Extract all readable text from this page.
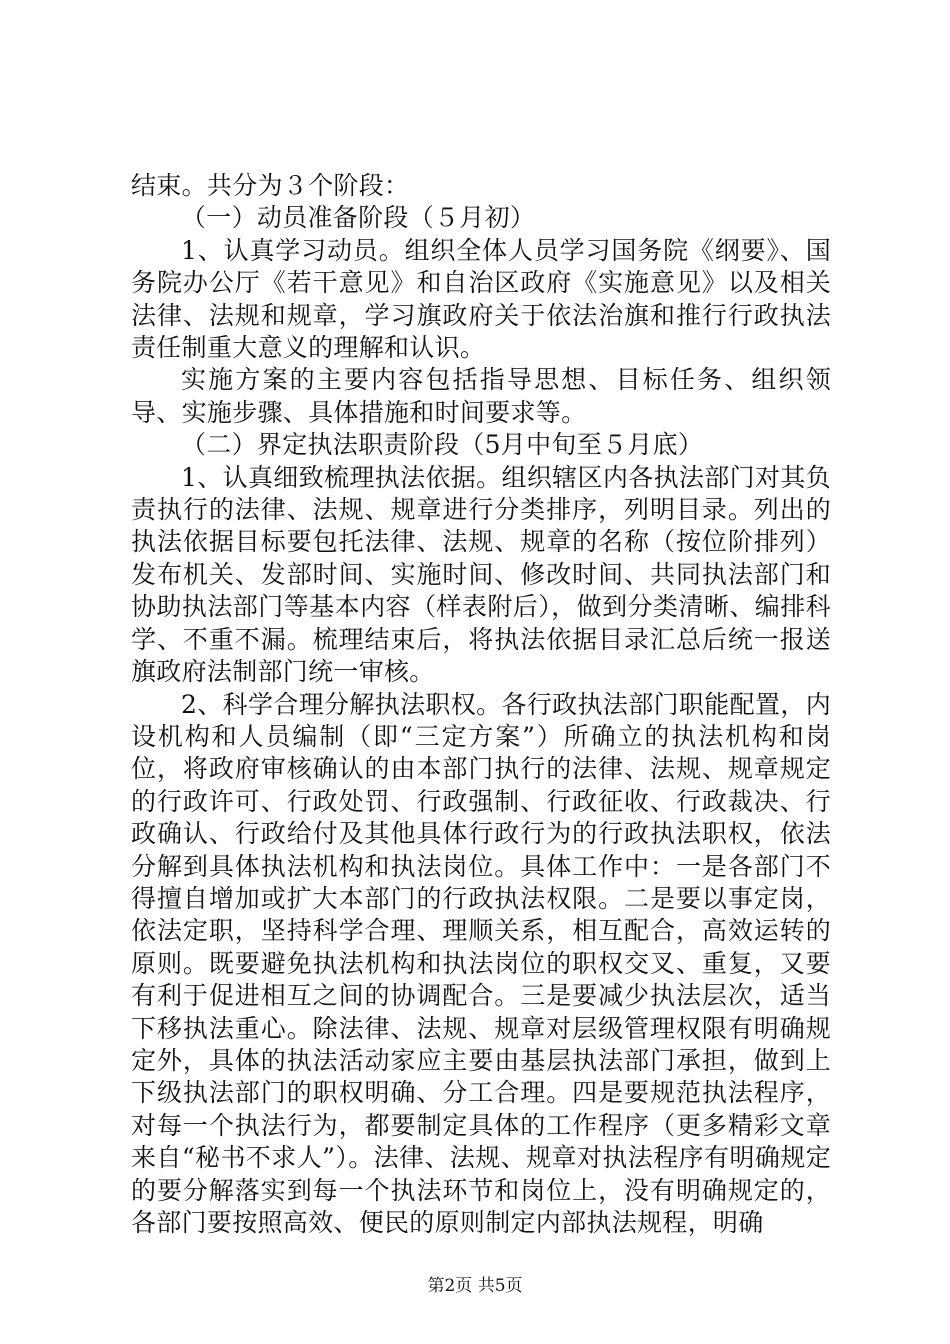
结束。共分为３个阶段：

（一）动员准备阶段（５月初）

1、认真学习动员。组织全体人员学习国务院《纲要》、国务院办公厅《若干意见》和自治区政府《实施意见》以及相关法律、法规和规章，学习旗政府关于依法治旗和推行行政执法责任制重大意义的理解和认识。

实施方案的主要内容包括指导思想、目标任务、组织领导、实施步骤、具体措施和时间要求等。

（二）界定执法职责阶段（5月中旬至５月底）

1、认真细致梳理执法依据。组织辖区内各执法部门对其负责执行的法律、法规、规章进行分类排序，列明目录。列出的执法依据目标要包托法律、法规、规章的名称（按位阶排列）发布机关、发部时间、实施时间、修改时间、共同执法部门和协助执法部门等基本内容（样表附后），做到分类清晰、编排科学、不重不漏。梳理结束后，将执法依据目录汇总后统一报送旗政府法制部门统一审核。

2、科学合理分解执法职权。各行政执法部门职能配置，内设机构和人员编制（即“三定方案”）所确立的执法机构和岗位，将政府审核确认的由本部门执行的法律、法规、规章规定的行政许可、行政处罚、行政强制、行政征收、行政裁决、行政确认、行政给付及其他具体行政行为的行政执法职权，依法分解到具体执法机构和执法岗位。具体工作中：一是各部门不得擅自增加或扩大本部门的行政执法权限。二是要以事定岗，依法定职，坚持科学合理、理顺关系，相互配合，高效运转的原则。既要避免执法机构和执法岗位的职权交叉、重复，又要有利于促进相互之间的协调配合。三是要减少执法层次，适当下移执法重心。除法律、法规、规章对层级管理权限有明确规定外，具体的执法活动家应主要由基层执法部门承担，做到上下级执法部门的职权明确、分工合理。四是要规范执法程序，对每一个执法行为，都要制定具体的工作程序（更多精彩文章来自“秘书不求人”）。法律、法规、规章对执法程序有明确规定的要分解落实到每一个执法环节和岗位上，没有明确规定的，各部门要按照高效、便民的原则制定内部执法规程，明确

第2页 共5页
